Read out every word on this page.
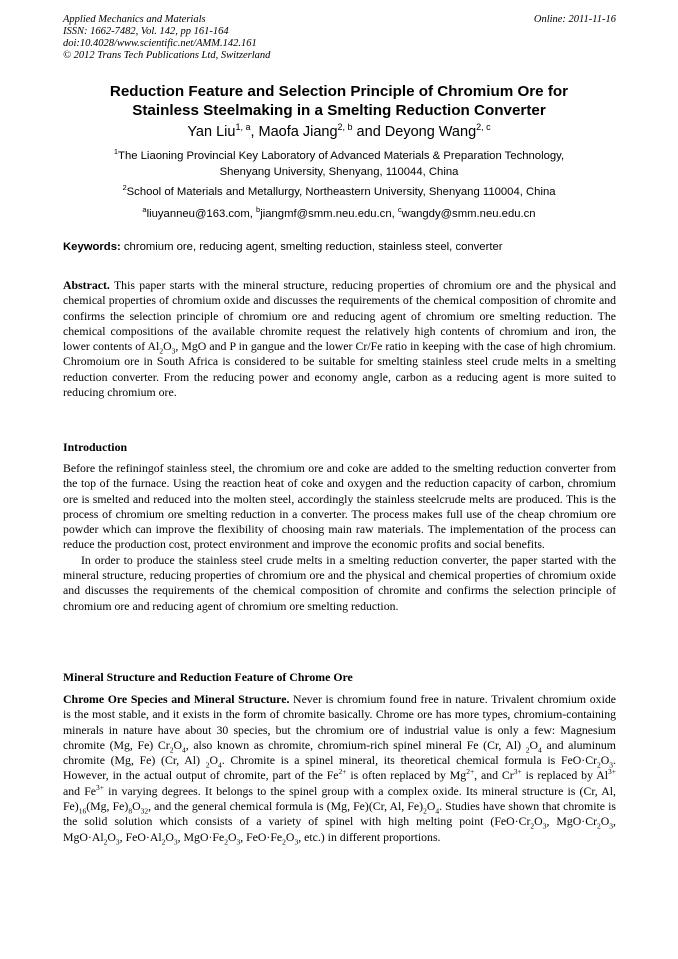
Applied Mechanics and Materials
ISSN: 1662-7482, Vol. 142, pp 161-164
doi:10.4028/www.scientific.net/AMM.142.161
© 2012 Trans Tech Publications Ltd, Switzerland
Online: 2011-11-16
Reduction Feature and Selection Principle of Chromium Ore for
Stainless Steelmaking in a Smelting Reduction Converter
Yan Liu$^{1, a}$, Maofa Jiang$^{2, b}$ and Deyong Wang$^{2, c}$
$^1$The Liaoning Provincial Key Laboratory of Advanced Materials & Preparation Technology,
Shenyang University, Shenyang, 110044, China
$^2$School of Materials and Metallurgy, Northeastern University, Shenyang 110004, China
$^a$liuyanneu@163.com, $^b$jiangmf@smm.neu.edu.cn, $^c$wangdy@smm.neu.edu.cn
Keywords: chromium ore, reducing agent, smelting reduction, stainless steel, converter
Abstract. This paper starts with the mineral structure, reducing properties of chromium ore and the physical and chemical properties of chromium oxide and discusses the requirements of the chemical composition of chromite and confirms the selection principle of chromium ore and reducing agent of chromium ore smelting reduction. The chemical compositions of the available chromite request the relatively high contents of chromium and iron, the lower contents of $Al_2O_3$, MgO and P in gangue and the lower Cr/Fe ratio in keeping with the case of high chromium. Chromoium ore in South Africa is considered to be suitable for smelting stainless steel crude melts in a smelting reduction converter. From the reducing power and economy angle, carbon as a reducing agent is more suited to reducing chromium ore.
Introduction

Before the refiningof stainless steel, the chromium ore and coke are added to the smelting reduction converter from the top of the furnace. Using the reaction heat of coke and oxygen and the reduction capacity of carbon, chromium ore is smelted and reduced into the molten steel, accordingly the stainless steelcrude melts are produced. This is the process of chromium ore smelting reduction in a converter. The process makes full use of the cheap chromium ore powder which can improve the flexibility of choosing main raw materials. The implementation of the process can reduce the production cost, protect environment and improve the economic profits and social benefits.

In order to produce the stainless steel crude melts in a smelting reduction converter, the paper started with the mineral structure, reducing properties of chromium ore and the physical and chemical properties of chromium oxide and discusses the requirements of the chemical composition of chromite and confirms the selection principle of chromium ore and reducing agent of chromium ore smelting reduction.

Mineral Structure and Reduction Feature of Chrome Ore
Chrome Ore Species and Mineral Structure. Never is chromium found free in nature. Trivalent chromium oxide is the most stable, and it exists in the form of chromite basically. Chrome ore has more types, chromium-containing minerals in nature have about 30 species, but the chromium ore of industrial value is only a few: Magnesium chromite (Mg, Fe) $Cr_2O_4$, also known as chromite, chromium-rich spinel mineral Fe (Cr, Al) $_2O_4$ and aluminum chromite (Mg, Fe) (Cr, Al) $_2O_4$. Chromite is a spinel mineral, its theoretical chemical formula is $FeO\cdot Cr_2O_3$. However, in the actual output of chromite, part of the $Fe^{2+}$ is often replaced by $Mg^{2+}$, and $Cr^{3+}$ is replaced by $Al^{3+}$ and $Fe^{3+}$ in varying degrees. It belongs to the spinel group with a complex oxide. Its mineral structure is (Cr, Al, $Fe)_{16}(Mg$, $Fe)_8O_{32}$, and the general chemical formula is (Mg, Fe)(Cr, Al, $Fe)_2O_4$. Studies have shown that chromite is the solid solution which consists of a variety of spinel with high melting point ($FeO\cdot Cr_2O_3$, $MgO\cdot Cr_2O_3$, $MgO\cdot Al_2O_3$, $FeO\cdot Al_2O_3$, $MgO\cdot Fe_2O_3$, $FeO\cdot Fe_2O_3$, etc.) in different proportions.
